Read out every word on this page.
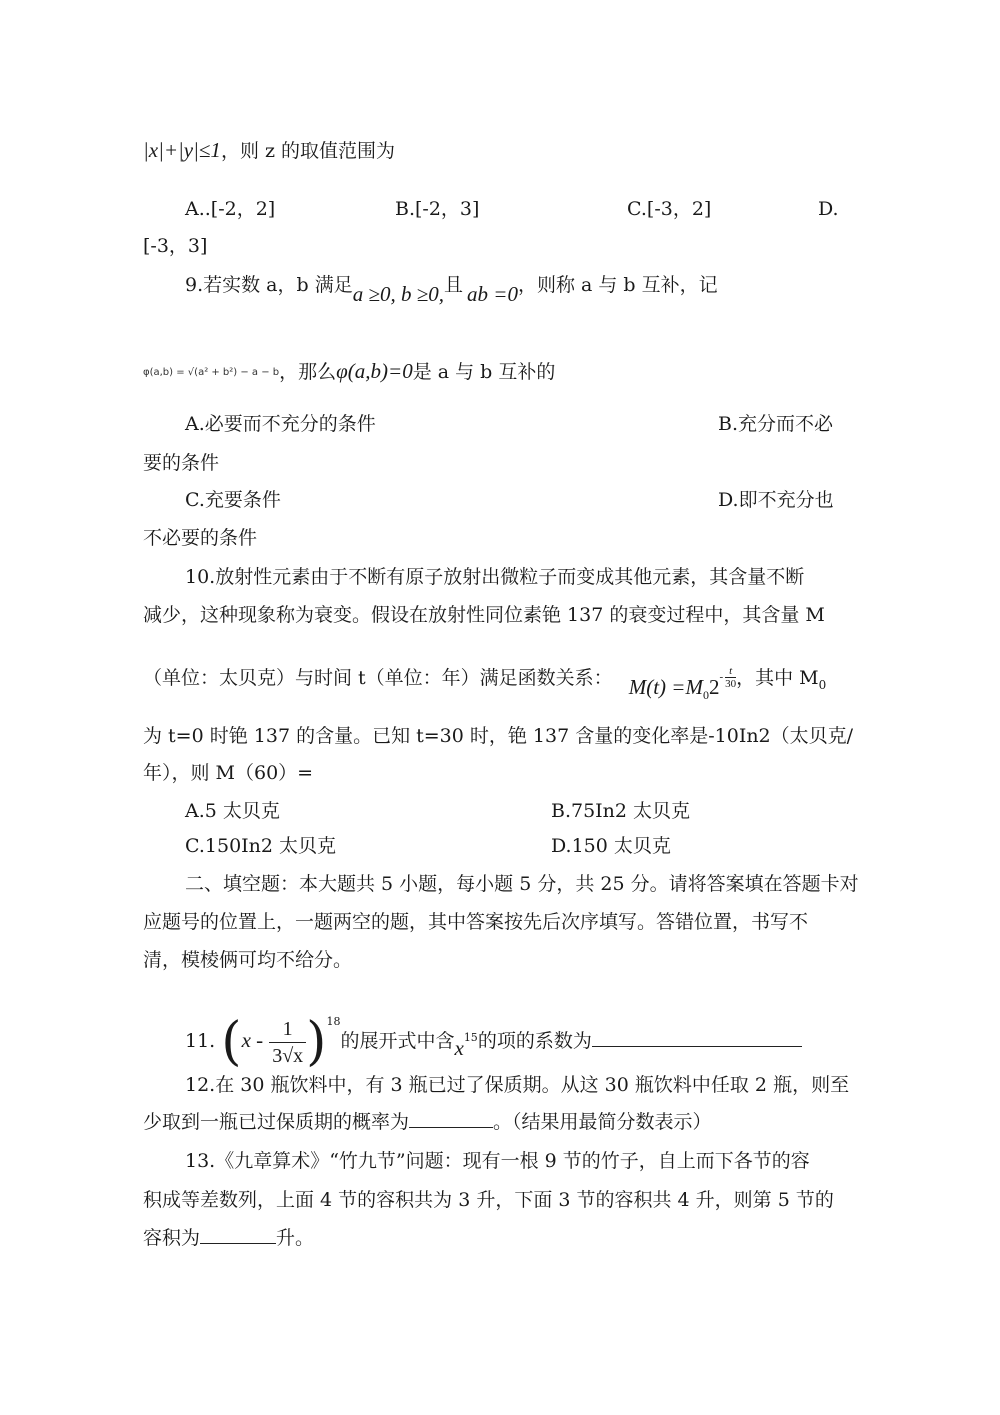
|x|+|y|≤1，则 z 的取值范围为
A..[-2，2]	B.[-2，3]	C.[-3，2]	D.
[-3，3]
9.若实数 a，b 满足a ≥0, b ≥0,且 ab =0，则称 a 与 b 互补，记
φ(a,b) = √(a² + b²) − a − b，那么φ(a,b)=0是 a 与 b 互补的
A.必要而不充分的条件	B.充分而不必
要的条件
C.充要条件	D.即不充分也
不必要的条件
10.放射性元素由于不断有原子放射出微粒子而变成其他元素，其含量不断
减少，这种现象称为衰变。假设在放射性同位素铯 137 的衰变过程中，其含量 M
（单位：太贝克）与时间 t（单位：年）满足函数关系： $M(t) =M_02- \frac{t}{30}$ ，其中 $M_0$
为 t=0 时铯 137 的含量。已知 t=30 时，铯 137 含量的变化率是-10In2（太贝克/
年），则 M（60）=
A.5 太贝克	B.75In2 太贝克
C.150In2 太贝克	D.150 太贝克
二、填空题：本大题共 5 小题，每小题 5 分，共 25 分。请将答案填在答题卡对
应题号的位置上，一题两空的题，其中答案按先后次序填写。答错位置，书写不
清，模棱俩可均不给分。
11. $(x - \frac{1}{3√x} )^{18}$的展开式中含$x^{15}$的项的系数为
12.在 30 瓶饮料中，有 3 瓶已过了保质期。从这 30 瓶饮料中任取 2 瓶，则至
少取到一瓶已过保质期的概率为	。（结果用最简分数表示）
13.《九章算术》“竹九节”问题：现有一根 9 节的竹子，自上而下各节的容
积成等差数列，上面 4 节的容积共为 3 升，下面 3 节的容积共 4 升，则第 5 节的
容积为	升。
